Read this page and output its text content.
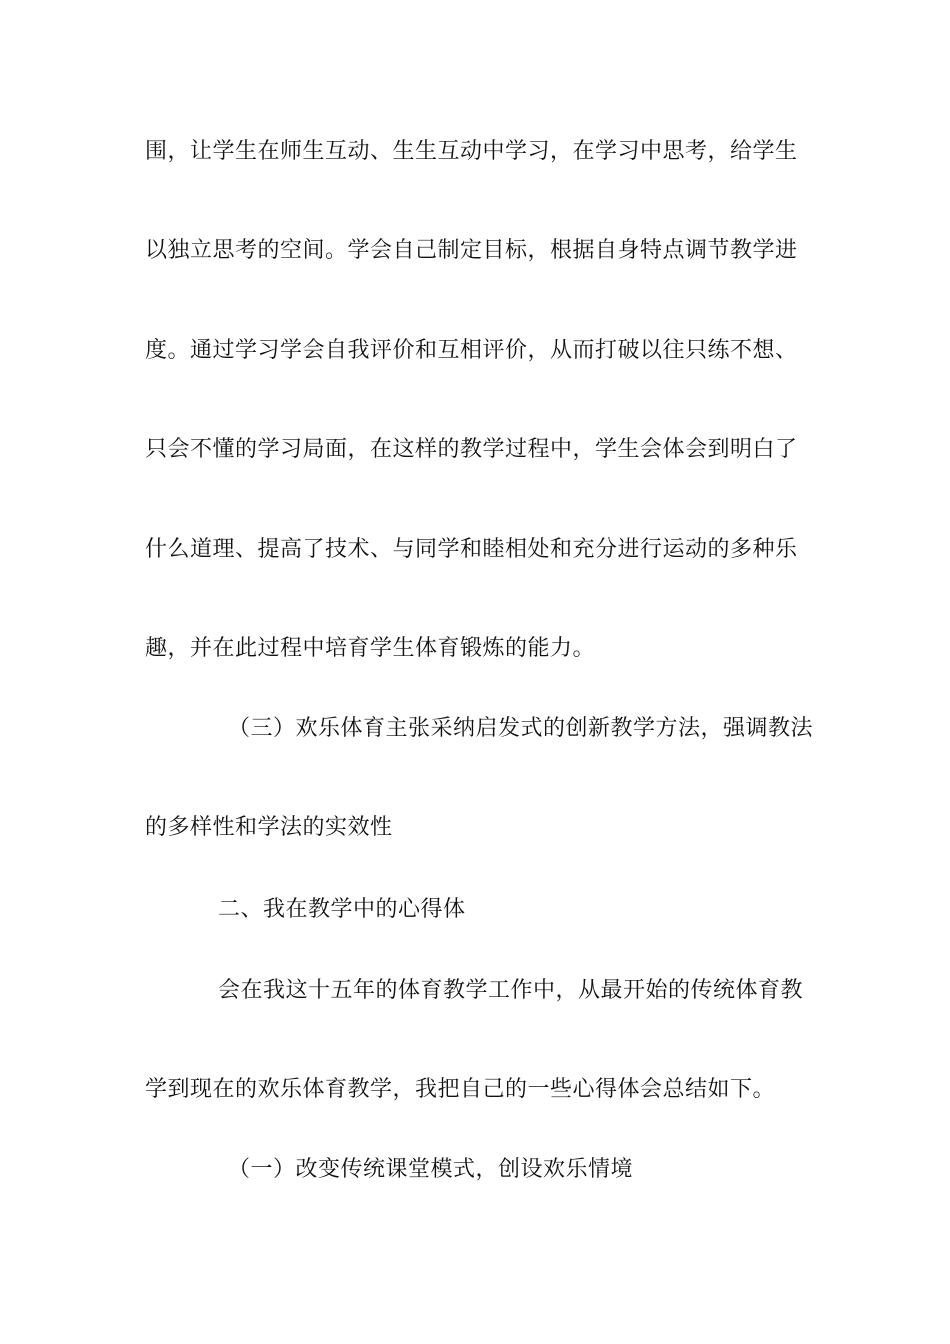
围，让学生在师生互动、生生互动中学习，在学习中思考，给学生
以独立思考的空间。学会自己制定目标，根据自身特点调节教学进
度。通过学习学会自我评价和互相评价，从而打破以往只练不想、
只会不懂的学习局面，在这样的教学过程中，学生会体会到明白了
什么道理、提高了技术、与同学和睦相处和充分进行运动的多种乐
趣，并在此过程中培育学生体育锻炼的能力。
（三）欢乐体育主张采纳启发式的创新教学方法，强调教法
的多样性和学法的实效性
二、我在教学中的心得体
会在我这十五年的体育教学工作中，从最开始的传统体育教
学到现在的欢乐体育教学，我把自己的一些心得体会总结如下。
（一）改变传统课堂模式，创设欢乐情境
